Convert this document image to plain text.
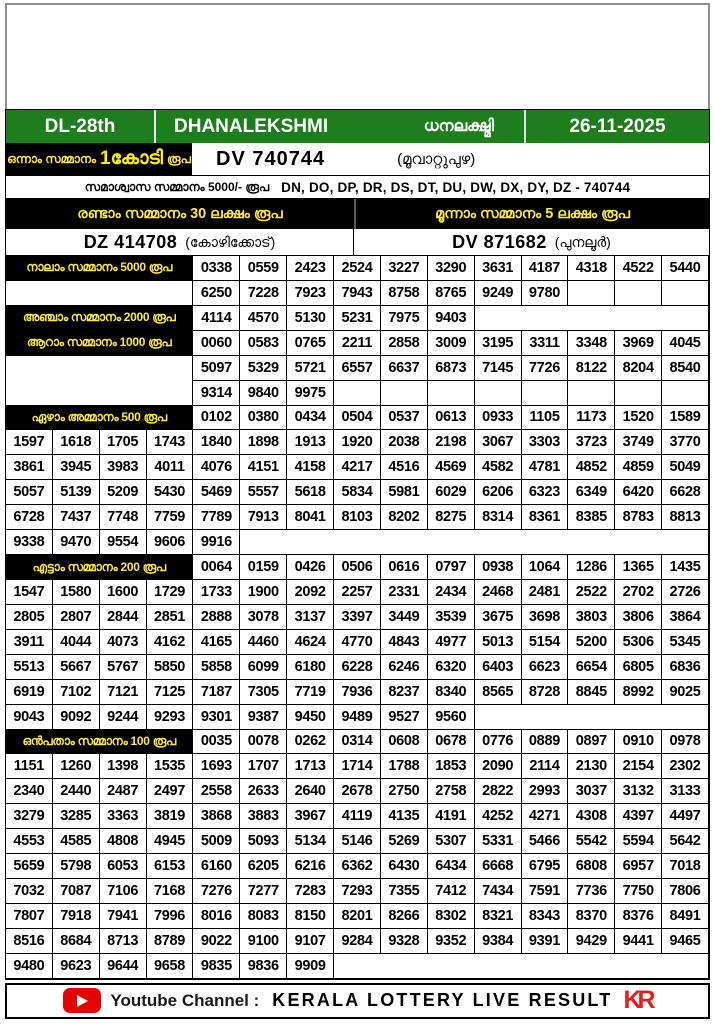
DL-28th	DHANALEKSHMI	ധനലക്ഷ്മി	26-11-2025
ഒന്നാം സമ്മാനം 1കോടി രൂപ DV 740744	(മൂവാറ്റുപുഴ)
സമാശ്വാസ സമ്മാനം 5000/- രൂപ DN, DO, DP, DR, DS, DT, DU, DW, DX, DY, DZ - 740744
രണ്ടാം സമ്മാനം 30 ലക്ഷം രൂപ	മൂന്നാം സമ്മാനം 5 ലക്ഷം രൂപ
DZ 414708 (കോഴിക്കോട്)	DV 871682 (പുനലൂർ)
നാലാം സമ്മാനം 5000 രൂപ	0338	0559	2423	2524	3227	3290	3631	4187	4318	4522	5440
6250	7228	7923	7943	8758	8765	9249	9780
അഞ്ചാം സമ്മാനം 2000 രൂപ	4114	4570	5130	5231	7975	9403
ആറാം സമ്മാനം 1000 രൂപ	0060	0583	0765	2211	2858	3009	3195	3311	3348	3969	4045
5097	5329	5721	6557	6637	6873	7145	7726	8122	8204	8540
9314	9840	9975
ഏഴാം അമ്മാനം 500 രൂപ	0102	0380	0434	0504	0537	0613	0933	1105	1173	1520	1589
1597	1618	1705	1743	1840	1898	1913	1920	2038	2198	3067	3303	3723	3749	3770
3861	3945	3983	4011	4076	4151	4158	4217	4516	4569	4582	4781	4852	4859	5049
5057	5139	5209	5430	5469	5557	5618	5834	5981	6029	6206	6323	6349	6420	6628
6728	7437	7748	7759	7789	7913	8041	8103	8202	8275	8314	8361	8385	8783	8813
9338	9470	9554	9606	9916
എട്ടാം സമ്മാനം 200 രൂപ	0064	0159	0426	0506	0616	0797	0938	1064	1286	1365	1435
1547	1580	1600	1729	1733	1900	2092	2257	2331	2434	2468	2481	2522	2702	2726
2805	2807	2844	2851	2888	3078	3137	3397	3449	3539	3675	3698	3803	3806	3864
3911	4044	4073	4162	4165	4460	4624	4770	4843	4977	5013	5154	5200	5306	5345
5513	5667	5767	5850	5858	6099	6180	6228	6246	6320	6403	6623	6654	6805	6836
6919	7102	7121	7125	7187	7305	7719	7936	8237	8340	8565	8728	8845	8992	9025
9043	9092	9244	9293	9301	9387	9450	9489	9527	9560
ഒൻപതാം സമ്മാനം 100 രൂപ	0035	0078	0262	0314	0608	0678	0776	0889	0897	0910	0978
1151	1260	1398	1535	1693	1707	1713	1714	1788	1853	2090	2114	2130	2154	2302
2340	2440	2487	2497	2558	2633	2640	2678	2750	2758	2822	2993	3037	3132	3133
3279	3285	3363	3819	3868	3883	3967	4119	4135	4191	4252	4271	4308	4397	4497
4553	4585	4808	4945	5009	5093	5134	5146	5269	5307	5331	5466	5542	5594	5642
5659	5798	6053	6153	6160	6205	6216	6362	6430	6434	6668	6795	6808	6957	7018
7032	7087	7106	7168	7276	7277	7283	7293	7355	7412	7434	7591	7736	7750	7806
7807	7918	7941	7996	8016	8083	8150	8201	8266	8302	8321	8343	8370	8376	8491
8516	8684	8713	8789	9022	9100	9107	9284	9328	9352	9384	9391	9429	9441	9465
9480	9623	9644	9658	9835	9836	9909
Youtube Channel : KERALA LOTTERY LIVE RESULT KR
